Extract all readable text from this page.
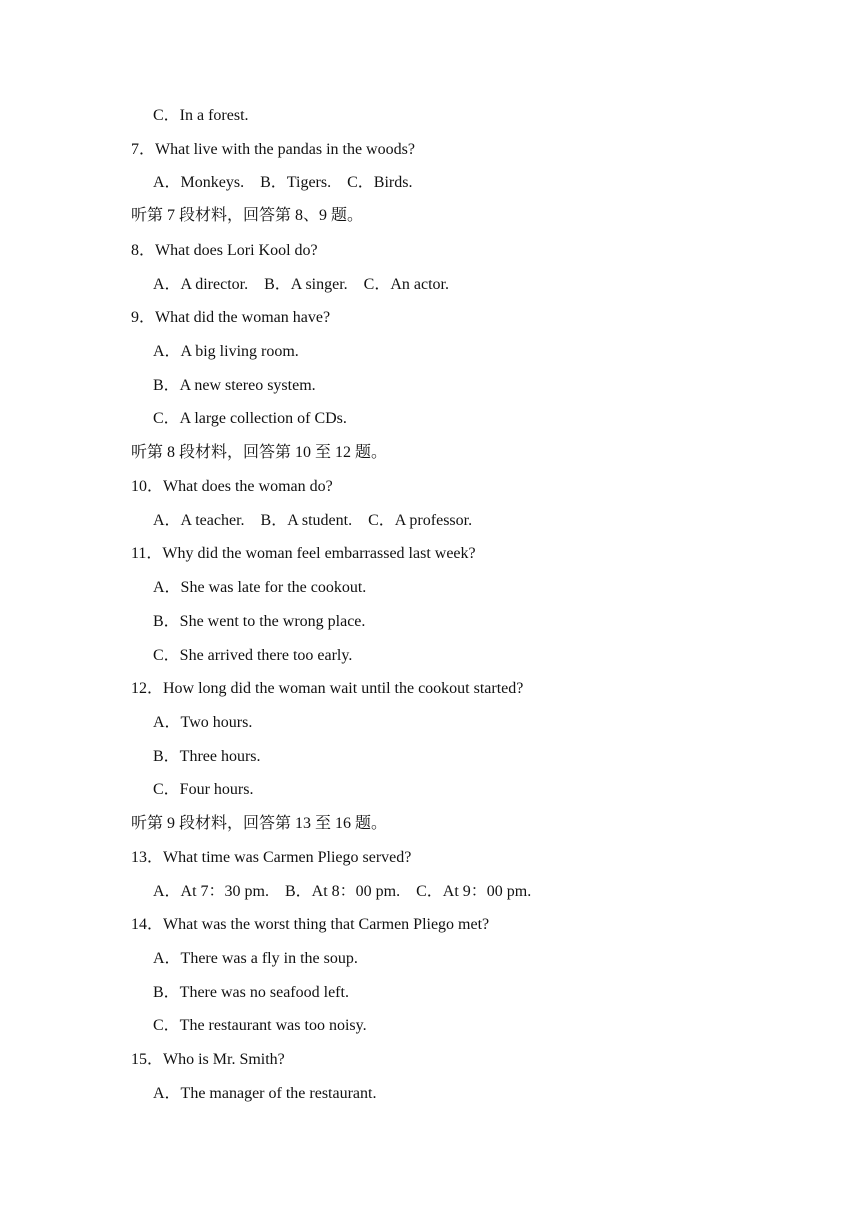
C．In a forest.
7．What live with the pandas in the woods?
A．Monkeys.    B．Tigers.    C．Birds.
听第 7 段材料，回答第 8、9 题。
8．What does Lori Kool do?
A．A director.    B．A singer.    C．An actor.
9．What did the woman have?
A．A big living room.
B．A new stereo system.
C．A large collection of CDs.
听第 8 段材料，回答第 10 至 12 题。
10．What does the woman do?
A．A teacher.    B．A student.    C．A professor.
11．Why did the woman feel embarrassed last week?
A．She was late for the cookout.
B．She went to the wrong place.
C．She arrived there too early.
12．How long did the woman wait until the cookout started?
A．Two hours.
B．Three hours.
C．Four hours.
听第 9 段材料，回答第 13 至 16 题。
13．What time was Carmen Pliego served?
A．At 7：30 pm.    B．At 8：00 pm.    C．At 9：00 pm.
14．What was the worst thing that Carmen Pliego met?
A．There was a fly in the soup.
B．There was no seafood left.
C．The restaurant was too noisy.
15．Who is Mr. Smith?
A．The manager of the restaurant.
